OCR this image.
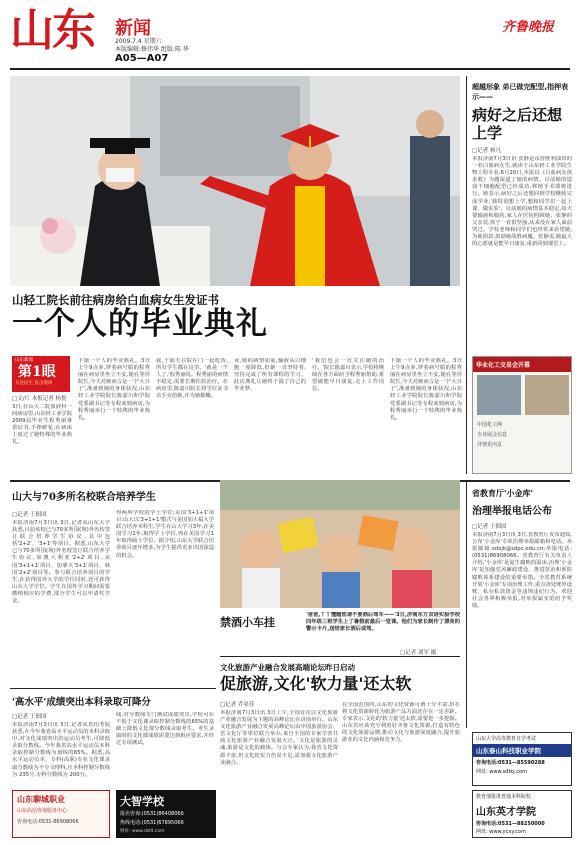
山东 新闻
2009.7.4 星期六
本版编辑:修伟华 组版:陈 华
A05—A07
齐鲁晚报
山轻工院长前往病房给白血病女生发证书
一个人的毕业典礼
山东新闻
第1眼
关注民生 直击现场
□文/片 本报记者 杨悦
3日,在山大二院血液科一间病房里,山东轻工业学院2009届毕业生程秀丽拿着证书,手捧鲜花,在病床上度过了她特殊的毕业典礼。
下她一个人的毕业典礼。3日上午9点多,穿着病号服的程秀丽在病房里坐立不安,她在等待院长,今天对她而言是一个'大日子',准备到她的身体状况,山东轻工业学院院长陈嘉川和学院党委副书记等专程来到病房,为程秀丽举行一个特殊的毕业典礼。
我,于那天在院在门一起吃饭,所有学生都在这里。'就是一个人了,'程秀丽说。程秀丽的病情不稳定,需要长期住院治疗。在病房里,陈嘉川院长将学位证书亲手交给她,并为她拨穗。
业,她的病情加重,输液从白细胞一度降低,但她一直坚持着,坚持完成了所有课程的学习。此次典礼让她终于圆了自己的毕业梦。
'我们也会一直关注她的治疗。'院长陈嘉川表示,学校将继续在各方面给予程秀丽帮助,希望她能早日康复,走上工作岗位。
下她一个人的毕业典礼。3日上午9点多,穿着病号服的程秀丽在病房里坐立不安,她在等待院长,今天对她而言是一个'大日子',准备到她的身体状况,山东轻工业学院院长陈嘉川和学院党委副书记等专程来到病房,为程秀丽举行一个特殊的毕业典礼。
超越形象 弟已做完配型,指押表示——
病好之后还想上学
□记者 杨凡
本报济南7月3日讯 张静是东营胜利油田的一名白血病女生,就读于山东轻工业学院生物工程专业,6月20日,本报以《白血病女孩求救》为题报道了她的病情。目前她的造血干细胞配型已经成功,移植手术即将进行。她表示,病好之后还想回到学校继续完成学业,'我特别想上学,想和同学们一起上课、做实验'。目前她的病情基本稳定,每天要输液和服药,家人在医院照顾她。张静的父亲说,孩子一直很坚强,从来没在家人面前哭过。学校老师和同学们也经常来看望她,为她捐款,鼓励她战胜病魔。张静说,她最大的心愿就是能早日康复,重新回到课堂上。
华业化工交易会开幕
中国化工网
专业展会信息
详情见内页
山大与70多所名校联合培养学生
□记者 王佃国
本报济南7月3日讯 3日,记者从山东大学获悉,目前该校已与70多所国(境)外名校签订联合培养学生协议,其中包括'2+2'、'3+1'等项目。据悉,山东大学已与70多所国(境)外名校签订联合培养学生协议,如澳大利亚'2+2'项目,美国'3+1+1'项目、加拿大'3+1'项目、韩国'2+2'项目等。参与联合培养项目的学生,在获得国外大学的学位同时,还可获得山东大学学位。学生在国外学习期间需要缴纳相应的学费,部分学生可以申请奖学金。
得两所学校的学士学位;美国'3+1+1'项目:山大以'3+1+1'模式与美国加大福大学联合培养本科生,学生在山大学习3年,在美国学习1年,取得学士学位,再在美国学习1年取得硕士学位。据介绍,山东大学联合培养项目逐年增多,为学生提供更多出国深造的机会。
禁酒小车挂
'爸爸,丫丫懂醒您请不要酒后驾车——'3日,济南东方双语实验学校四年级三班学生上了暑假前最后一堂课。他们为家长制作了漂亮的警示卡片,送给家长酒后或驾。
□记者 刘军 摄
省教育厅'小金库'
治理举报电话公布
□记者 王佃国
本报济南7月3日讯 3日,省教育厅发布通知,公布'小金库'专项治理举报邮箱和电话。举报邮箱:sdxjk@sdpc.edu.cn;举报电话:(0531)86908066。省教育厅有关负责人介绍,'小金库'是滋生腐败的温床,治理'小金库'是加强党风廉政建设、推进惩治和预防腐败体系建设的重要举措。全省教育系统开展'小金库'专项治理工作,重点查处账外设账、私存私放资金等违规违纪行为。欢迎社会各界积极举报,对举报属实的给予奖励。
'高水平'成绩突出本科录取可降分
□记者 王佃国
本报济南7月3日讯 3日,记者从省招考院获悉,在今年我省高水平运动员的本科录取中,对文化成绩突出的运动员考生,可降低录取分数线。今年我省高水平运动员本科录取控制分数线为划线的65%。据悉,高水平运动员本、专科(高职)专业文化课录取分数线为不分文理科,且本科控制分数线为 235分,专科分数线为 200分。
线,对分数线专门测试成绩突出,学校可在不低于文化课录取控制分数线的65%的基础上降低文化课分数线录取考生。考生录取时的文化课成绩需要达到相应要求,并经过专项测试。
文化旅游产业融合发展高端论坛昨日启动
促旅游,文化'软力量'还太软
□记者 乔显佳
本报济南7月3日讯 3日上午,全国首次以文化旅游产业融合发展为主题的高峰论坛在济南举行。山东文化旅游产业融合发展高峰论坛由中国旅游协会、省文化厅等单位联合举办,来自全国的专家学者共商文化旅游产业融合发展大计。文化是旅游的灵魂,旅游是文化的载体。与会专家认为,我省文化资源丰富,但文化软实力仍显不足,需加强文化旅游产业融合。
在全国范围内,山东的文化资源可谓十分丰富,但在将文化资源转化为旅游产品方面还存在一定差距。专家表示,文化的'软力量'还太软,需要进一步挖掘。山东省应该充分利用好齐鲁文化资源,打造有特色的文化旅游品牌,推动文化与旅游深度融合,提升旅游业的文化内涵和竞争力。
山东聊城职业
山东高招咨询服务中心
咨询电话:0531-86908066
大智学校
报名咨询:(0531)86408066
热线电话:(0531)67895066
网址: www.dzllt.com
山东大学高等教育自学考试
山东泰山科技职业学院
咨询电话:0531—85590288
网址: www.sdtkj.com
教育部批准普通本科院校
山东英才学院
咨询电话:0531—88250000
网址: www.ycxy.com
